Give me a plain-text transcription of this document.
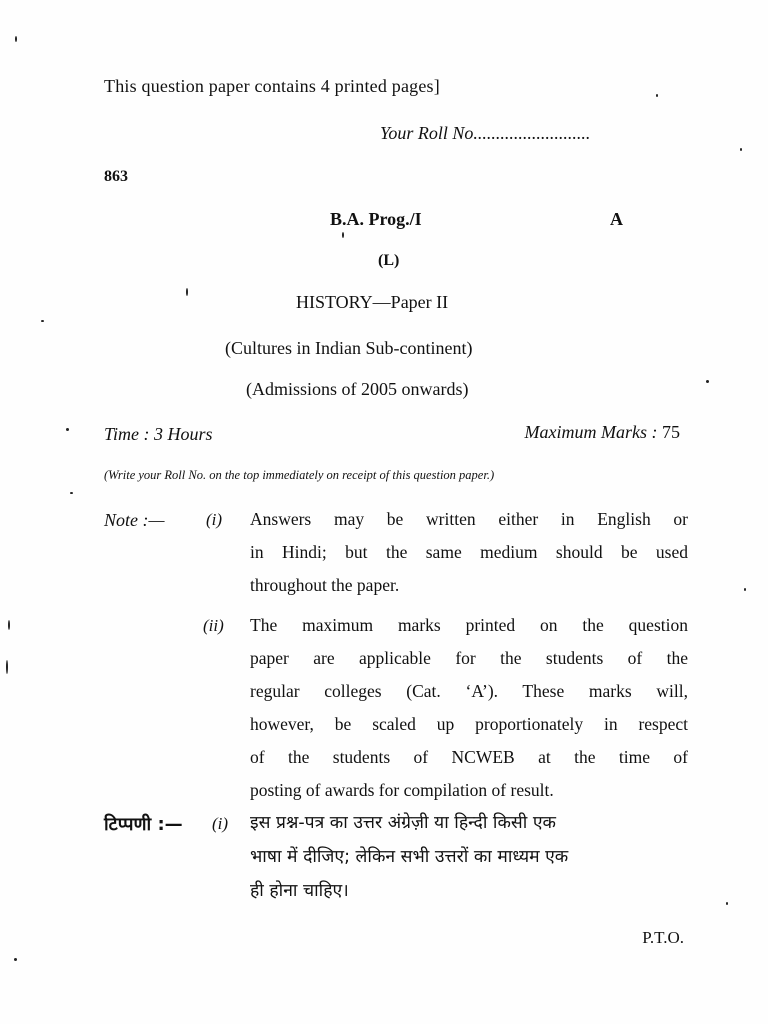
This question paper contains 4 printed pages]
Your Roll No..........................
863
B.A. Prog./I	A
(L)
HISTORY—Paper II
(Cultures in Indian Sub-continent)
(Admissions of 2005 onwards)
Time : 3 Hours	Maximum Marks : 75
(Write your Roll No. on the top immediately on receipt of this question paper.)
Note :— (i) Answers may be written either in English or
in Hindi; but the same medium should be used
throughout the paper.
(ii) The maximum marks printed on the question
paper are applicable for the students of the
regular colleges (Cat. ‘A’). These marks will,
however, be scaled up proportionately in respect
of the students of NCWEB at the time of
posting of awards for compilation of result.
टिप्पणी :— (i) इस प्रश्न-पत्र का उत्तर अंग्रेज़ी या हिन्दी किसी एक
भाषा में दीजिए; लेकिन सभी उत्तरों का माध्यम एक
ही होना चाहिए।
P.T.O.
